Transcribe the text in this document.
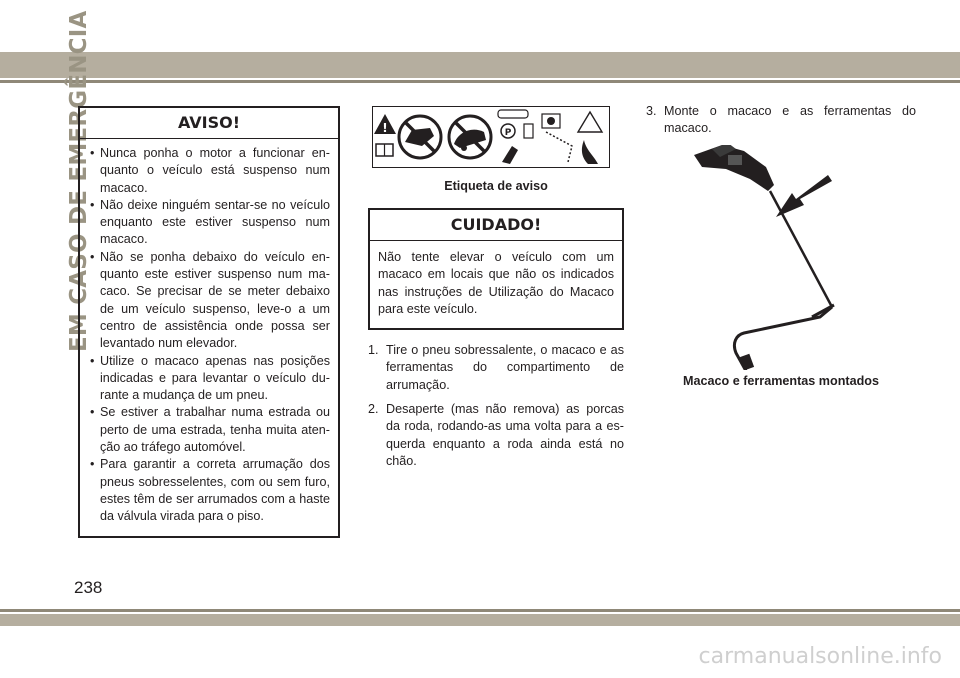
EM CASO DE EMERGÊNCIA	AVISO!
• Nunca ponha o motor a funcionar enquanto o veículo está suspenso num macaco.
• Não deixe ninguém sentar-se no veículo enquanto este estiver suspenso num macaco.
• Não se ponha debaixo do veículo enquanto este estiver suspenso num macaco. Se precisar de se meter debaixo de um veículo suspenso, leve-o a um centro de assistência onde possa ser levantado num elevador.
• Utilize o macaco apenas nas posições indicadas e para levantar o veículo durante a mudança de um pneu.
• Se estiver a trabalhar numa estrada ou perto de uma estrada, tenha muita atenção ao tráfego automóvel.
• Para garantir a correta arrumação dos pneus sobresselentes, com ou sem furo, estes têm de ser arrumados com a haste da válvula virada para o piso.
!	P
Etiqueta de aviso
CUIDADO!
Não tente elevar o veículo com um macaco em locais que não os indicados nas instruções de Utilização do Macaco para este veículo.
1. Tire o pneu sobressalente, o macaco e as ferramentas do compartimento de arrumação.
2. Desaperte (mas não remova) as porcas da roda, rodando-as uma volta para a esquerda enquanto a roda ainda está no chão.
3. Monte o macaco e as ferramentas do macaco.
Macaco e ferramentas montados
238
carmanualsonline.info
